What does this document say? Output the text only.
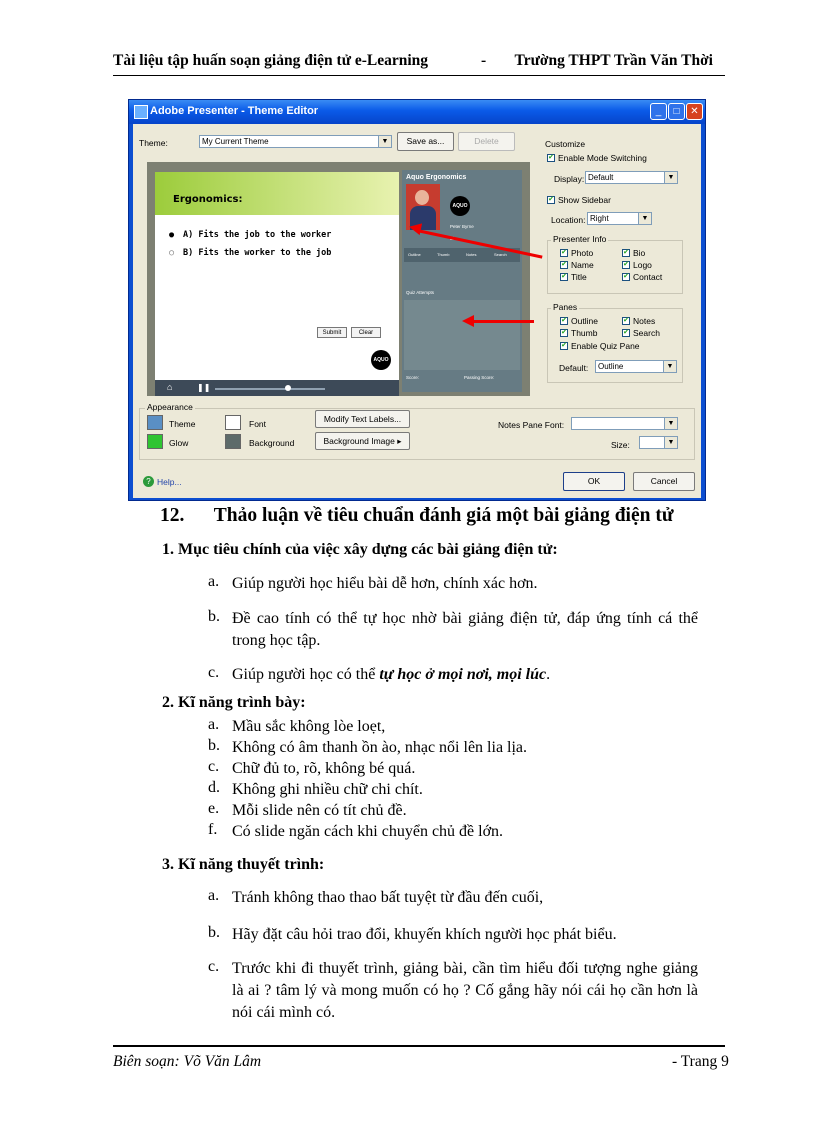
Tài liệu tập huấn soạn giảng điện tử e-Learning	- Trường THPT Trần Văn Thời
Adobe Presenter - Theme Editor	_	□	✕
Theme:	My Current Theme	▼	Save as...	Delete
Ergonomics:
● A) Fits the job to the worker
○ B) Fits the worker to the job
Submit	Clear
AQUO
⌂	❚❚
Aquo Ergonomics
AQUO
Peter Byrne
Outline	Thumb	Notes	Search
Quiz Attempts
Score:	Passing Score:
Customize
✔ Enable Mode Switching
Display: Default	▼
✔ Show Sidebar
Location: Right	▼
Presenter Info
✔ Photo	✔ Bio
✔ Name	✔ Logo
✔ Title	✔ Contact
Panes
✔ Outline	✔ Notes
✔ Thumb	✔ Search
✔ Enable Quiz Pane
Default:	Outline	▼
Appearance
Theme	Font
Glow	Background
Modify Text Labels...
Background Image ▸
Notes Pane Font:	▼
Size:	▼
? Help...	OK	Cancel
12. Thảo luận về tiêu chuẩn đánh giá một bài giảng điện tử
1. Mục tiêu chính của việc xây dựng các bài giảng điện tử:
a. Giúp người học hiểu bài dễ hơn, chính xác hơn.
b. Đề cao tính có thể tự học nhờ bài giảng điện tử, đáp ứng tính cá thể trong học tập.
c. Giúp người học có thể tự học ở mọi nơi, mọi lúc.
2. Kĩ năng trình bày:
a. Mầu sắc không lòe loẹt,
b. Không có âm thanh ồn ào, nhạc nổi lên lia lịa.
c. Chữ đủ to, rõ, không bé quá.
d. Không ghi nhiều chữ chi chít.
e. Mỗi slide nên có tít chủ đề.
f. Có slide ngăn cách khi chuyển chủ đề lớn.
3. Kĩ năng thuyết trình:
a. Tránh không thao thao bất tuyệt từ đầu đến cuối,
b. Hãy đặt câu hỏi trao đổi, khuyến khích người học phát biểu.
c. Trước khi đi thuyết trình, giảng bài, cần tìm hiểu đối tượng nghe giảng là ai ? tâm lý và mong muốn có họ ? Cố gắng hãy nói cái họ cần hơn là nói cái mình có.
Biên soạn: Võ Văn Lâm	- Trang 9
